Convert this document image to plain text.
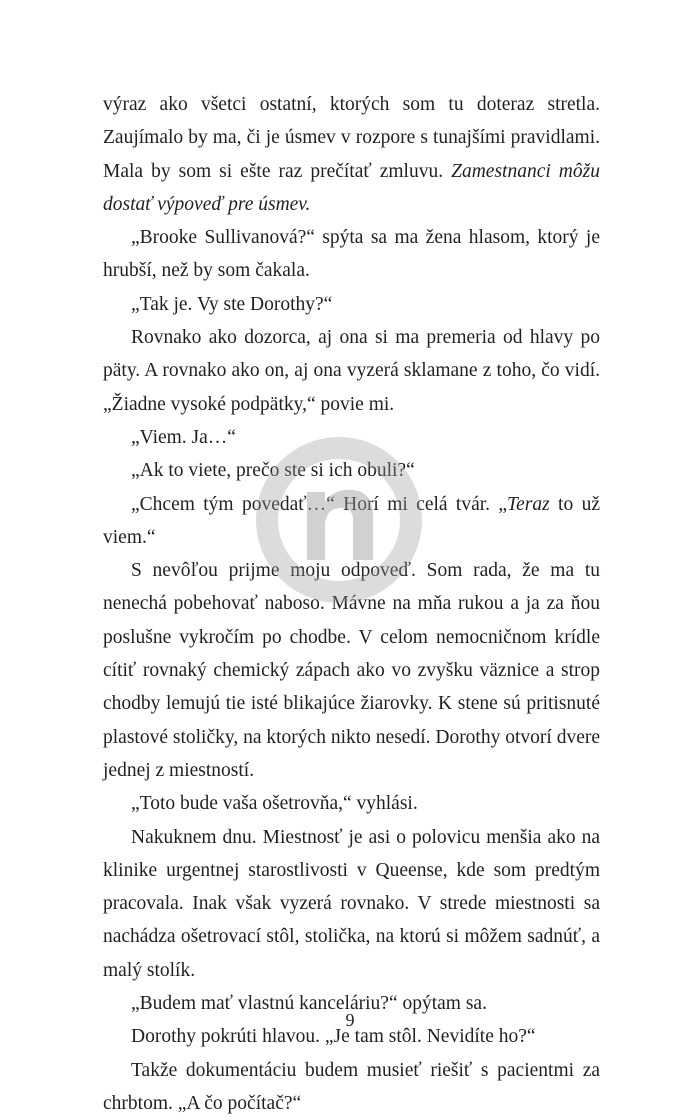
výraz ako všetci ostatní, ktorých som tu doteraz stretla. Zaujímalo by ma, či je úsmev v rozpore s tunajšími pravidlami. Mala by som si ešte raz prečítať zmluvu. Zamestnanci môžu dostať výpoveď pre úsmev.

„Brooke Sullivanová?“ spýta sa ma žena hlasom, ktorý je hrubší, než by som čakala.

„Tak je. Vy ste Dorothy?“

Rovnako ako dozorca, aj ona si ma premeria od hlavy po päty. A rovnako ako on, aj ona vyzerá sklamane z toho, čo vidí. „Žiadne vysoké podpätky,“ povie mi.

„Viem. Ja…“

„Ak to viete, prečo ste si ich obuli?“

„Chcem tým povedať…“ Horí mi celá tvár. „Teraz to už viem.“

S nevôľou prijme moju odpoveď. Som rada, že ma tu nenechá pobehovať naboso. Mávne na mňa rukou a ja za ňou poslušne vykročím po chodbe. V celom nemocničnom krídle cítiť rovnaký chemický zápach ako vo zvyšku väznice a strop chodby lemujú tie isté blikajúce žiarovky. K stene sú pritisnuté plastové stoličky, na ktorých nikto nesedí. Dorothy otvorí dvere jednej z miestností.

„Toto bude vaša ošetrovňa,“ vyhlási.

Nakuknem dnu. Miestnosť je asi o polovicu menšia ako na klinike urgentnej starostlivosti v Queense, kde som predtým pracovala. Inak však vyzerá rovnako. V strede miestnosti sa nachádza ošetrovací stôl, stolička, na ktorú si môžem sadnúť, a malý stolík.

„Budem mať vlastnú kanceláriu?“ opýtam sa.

Dorothy pokrúti hlavou. „Je tam stôl. Nevidíte ho?“

Takže dokumentáciu budem musieť riešiť s pacientmi za chrbtom. „A čo počítač?“

9
